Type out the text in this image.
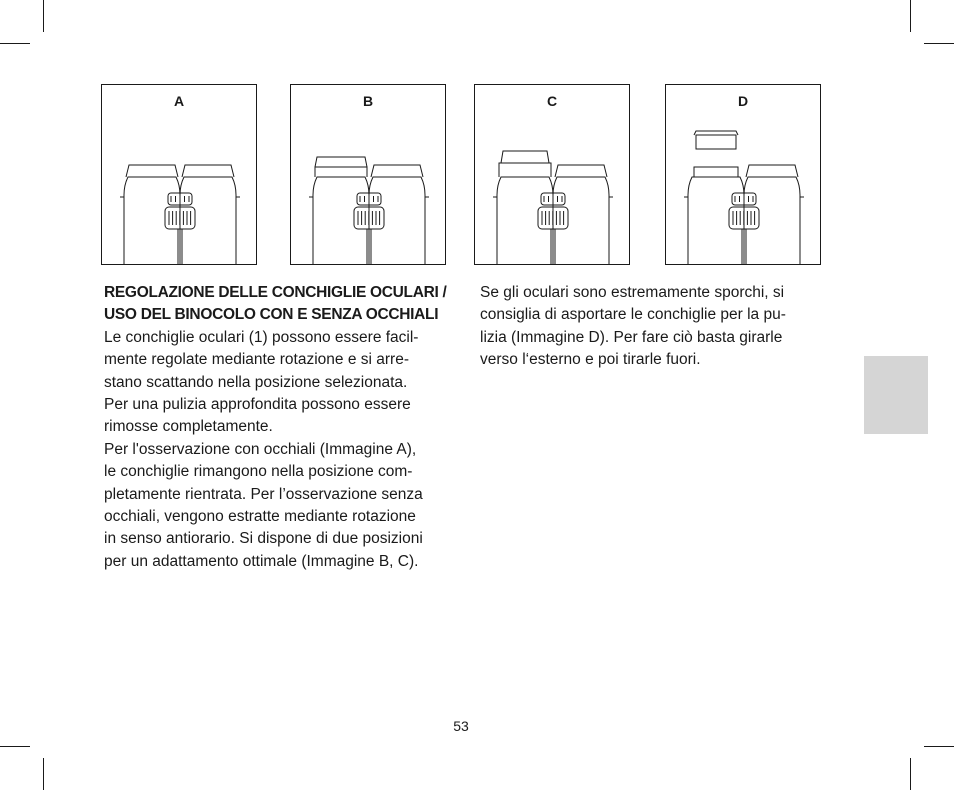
A	B	C	D

REGOLAZIONE DELLE CONCHIGLIE OCULARI /
USO DEL BINOCOLO CON E SENZA OCCHIALI

Le conchiglie oculari (1) possono essere facil-
mente regolate mediante rotazione e si arre-
stano scattando nella posizione selezionata.
Per una pulizia approfondita possono essere
rimosse completamente.
Per l'osservazione con occhiali (Immagine A),
le conchiglie rimangono nella posizione com-
pletamente rientrata. Per l’osservazione senza
occhiali, vengono estratte mediante rotazione
in senso antiorario. Si dispone di due posizioni
per un adattamento ottimale (Immagine B, C).

Se gli oculari sono estremamente sporchi, si
consiglia di asportare le conchiglie per la pu-
lizia (Immagine D). Per fare ciò basta girarle
verso l‘esterno e poi tirarle fuori.

53
